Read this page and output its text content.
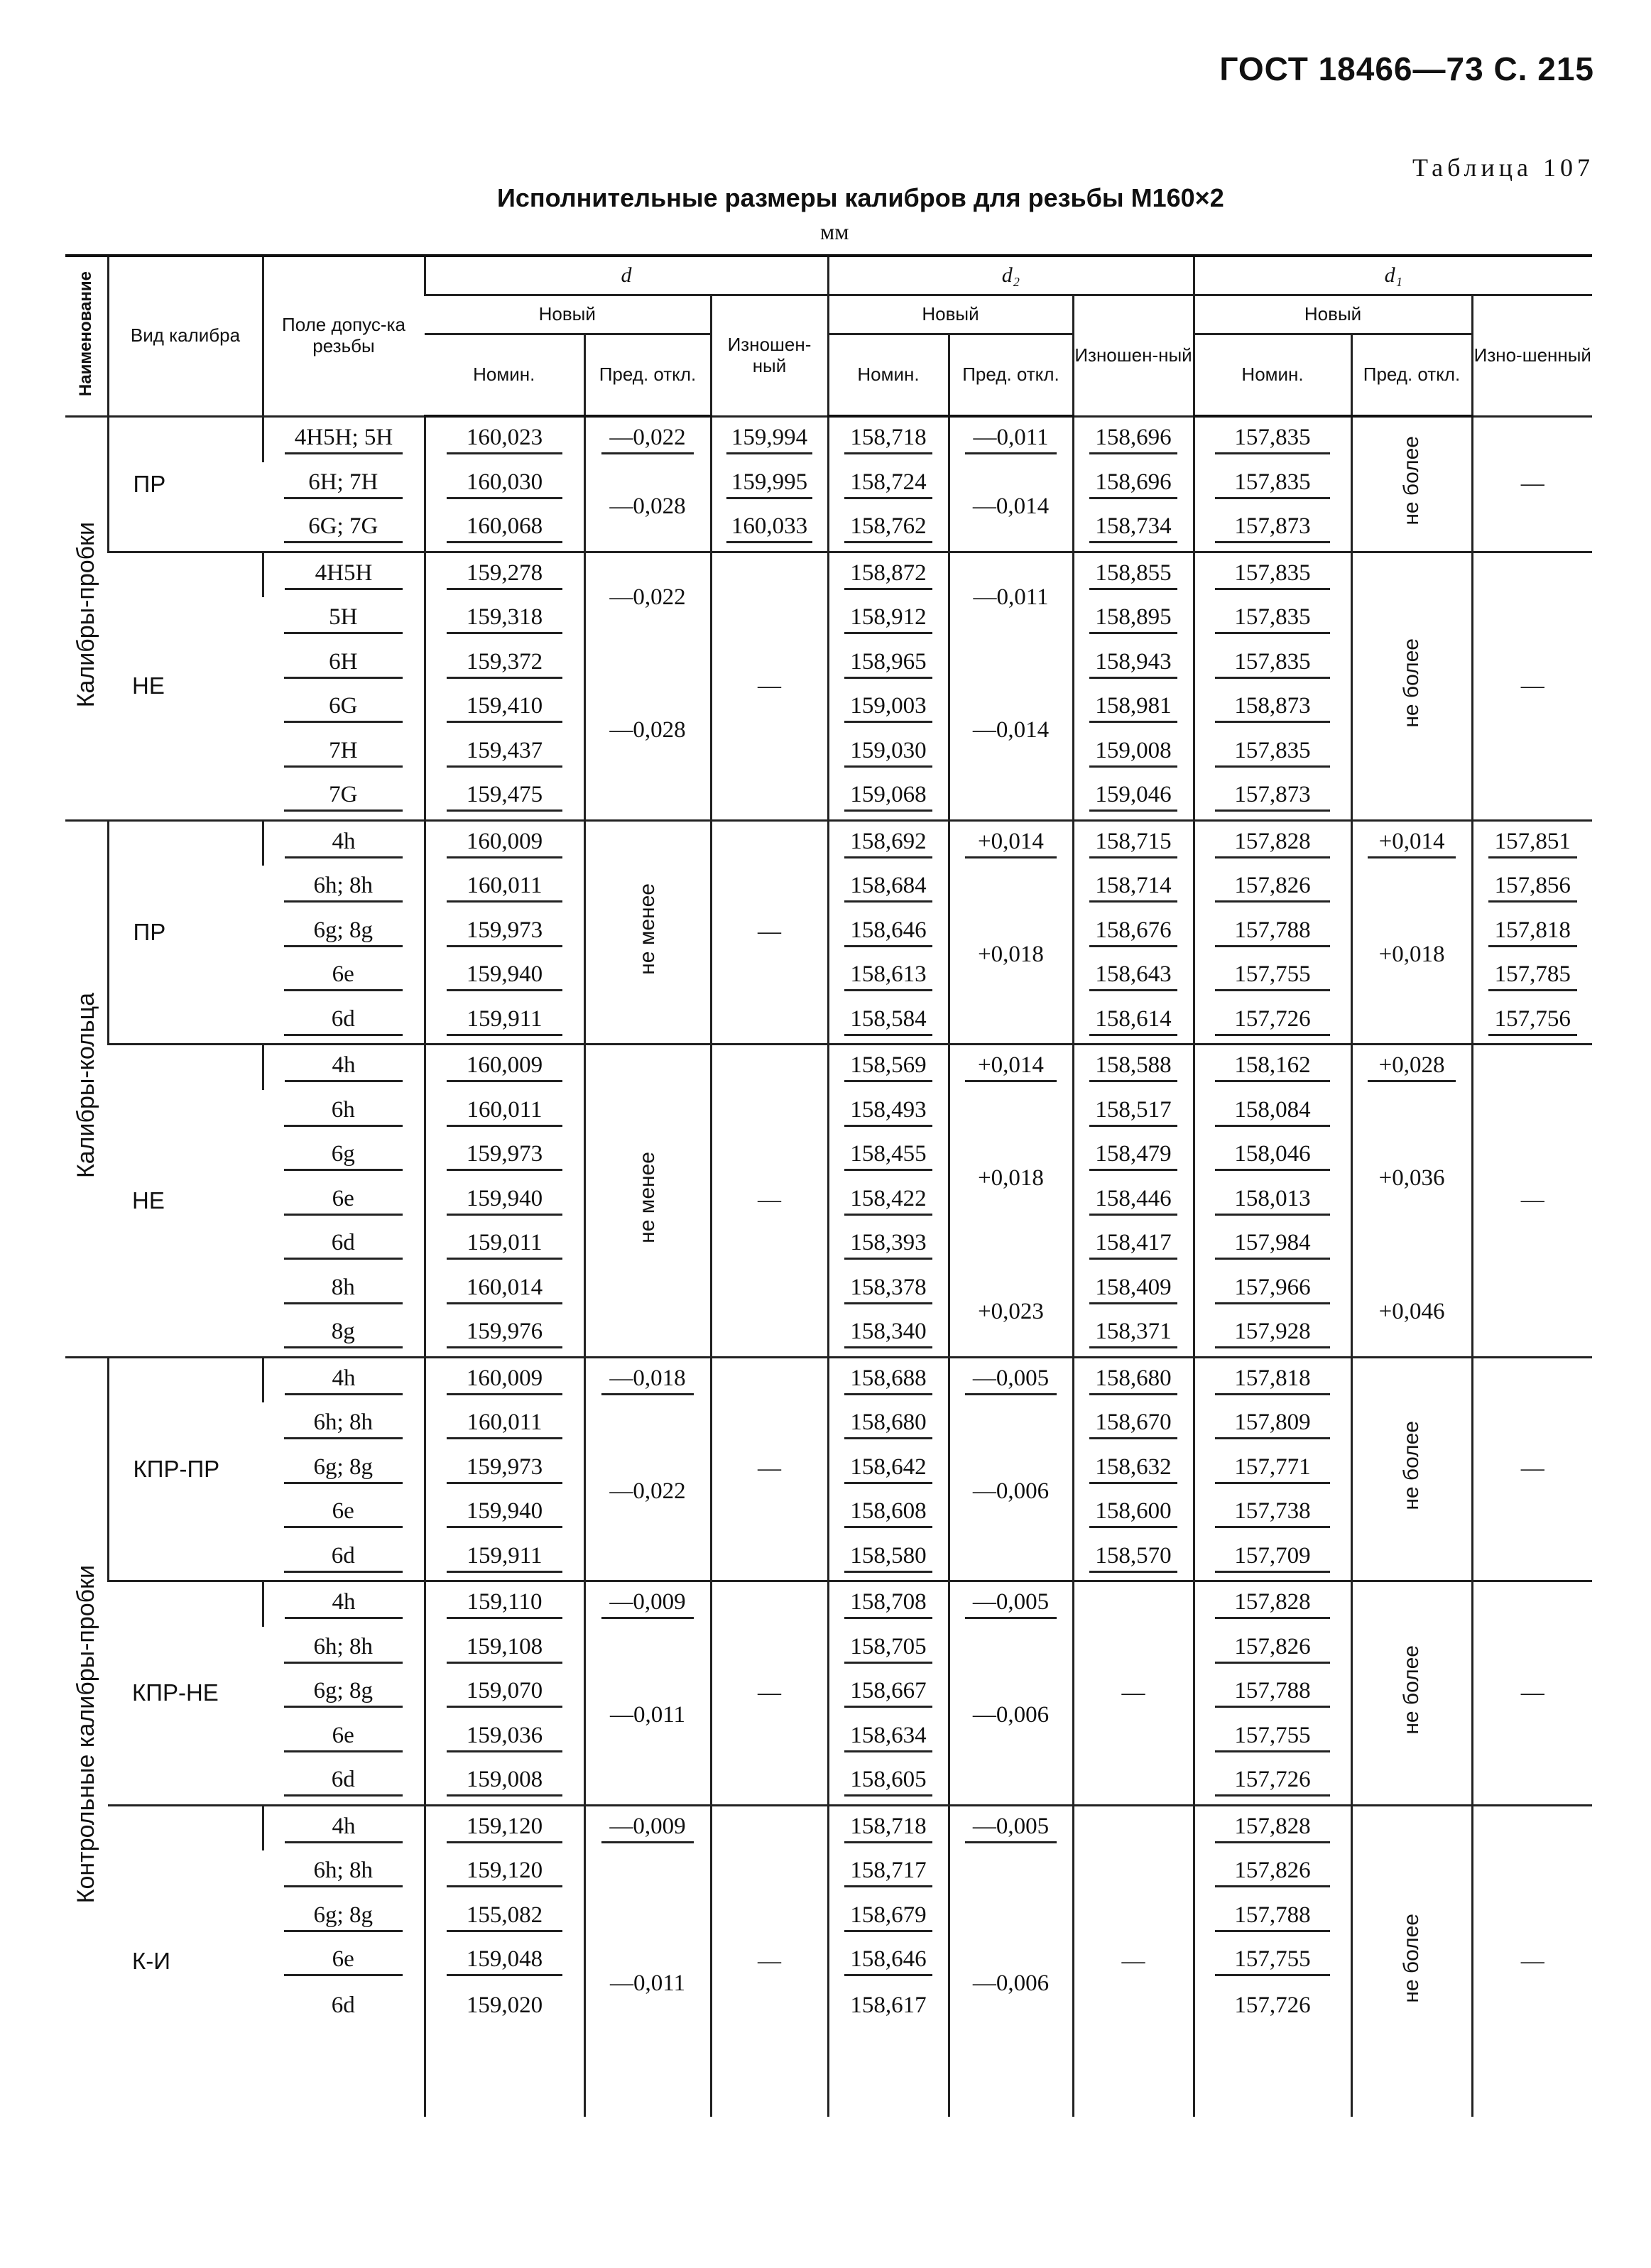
ГОСТ 18466—73 С. 215
Таблица 107
Исполнительные размеры калибров для резьбы М160×2
мм
Наименование	Вид калибра	Поле допус-ка резьбы	d			d₂			d₁		
			Новый		Изношен-ный	Новый		Изношен-ный	Новый		Изно-шенный
			Номин.	Пред. откл.		Номин.	Пред. откл.		Номин.	Пред. откл.	
Калибры-пробки	ПР	4H5H; 5H	160,023	—0,022	159,994	158,718	—0,011	158,696	157,835	не более	—
		6H; 7H	160,030	—0,028	159,995	158,724	—0,014	158,696	157,835		
		6G; 7G	160,068		160,033	158,762		158,734	157,873		
	НЕ	4H5H	159,278	—0,022	—	158,872	—0,011	158,855	157,835	не более	—
		5H	159,318			158,912		158,895	157,835		
		6H	159,372	—0,028		158,965	—0,014	158,943	157,835		
		6G	159,410			159,003		158,981	158,873		
		7H	159,437			159,030		159,008	157,835		
		7G	159,475			159,068		159,046	157,873		
Калибры-кольца	ПР	4h	160,009	не менее	—	158,692	+0,014	158,715	157,828	+0,014	157,851
		6h; 8h	160,011			158,684	+0,018	158,714	157,826	+0,018	157,856
		6g; 8g	159,973			158,646		158,676	157,788		157,818
		6e	159,940			158,613		158,643	157,755		157,785
		6d	159,911			158,584		158,614	157,726		157,756
	НЕ	4h	160,009	не менее	—	158,569	+0,014	158,588	158,162	+0,028	—
		6h	160,011			158,493	+0,018	158,517	158,084	+0,036	
		6g	159,973			158,455		158,479	158,046		
		6e	159,940			158,422		158,446	158,013		
		6d	159,011			158,393		158,417	157,984		
		8h	160,014			158,378	+0,023	158,409	157,966	+0,046	
		8g	159,976			158,340		158,371	157,928		
Контрольные калибры-пробки	КПР-ПР	4h	160,009	—0,018	—	158,688	—0,005	158,680	157,818	не более	—
		6h; 8h	160,011	—0,022		158,680	—0,006	158,670	157,809		
		6g; 8g	159,973			158,642		158,632	157,771		
		6e	159,940			158,608		158,600	157,738		
		6d	159,911			158,580		158,570	157,709		
	КПР-НЕ	4h	159,110	—0,009	—	158,708	—0,005	—	157,828	не более	—
		6h; 8h	159,108	—0,011		158,705	—0,006		157,826		
		6g; 8g	159,070			158,667			157,788		
		6e	159,036			158,634			157,755		
		6d	159,008			158,605			157,726		
	К-И	4h	159,120	—0,009	—	158,718	—0,005	—	157,828	не более	—
		6h; 8h	159,120	—0,011		158,717	—0,006		157,826		
		6g; 8g	155,082			158,679			157,788		
		6e	159,048			158,646			157,755		
		6d	159,020			158,617			157,726		
